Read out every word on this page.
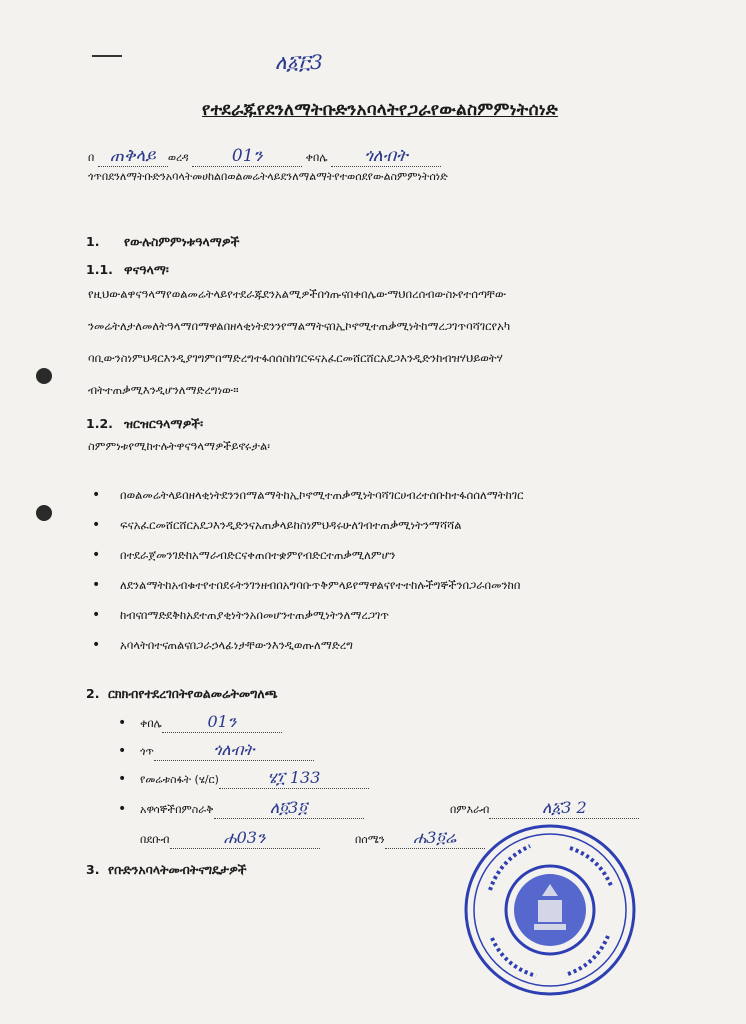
ለ፩፫3
የተደራጁየደንለማትቡድንአባላትየጋራየውልስምምነትሰነድ
በ ጠቅላይ ወረዳ	01ን	ቀበሌ ጎለብት
ጎጥበደንለማትቡድንአባላትመሀከልበወልመሬትላይደንለማልማትየተወሰደየውልስምምነትሰነድ
1. የውሉስምምነቱዓላማዎች
1.1. ዋናዓላማ፡
የዚህውልዋናዓላማየወልመሬትላይየተደራጁደንአልሚዎችበጎጡናበቀበሌውማህበረሰብውስኑየተሰጣቸው
ንመሬትለታለመለትዓላማበማዋልበዘላቂነትደንንየማልማትናበኢኮኖሚተጠቃሚነትከማረጋገጥባሻገርየአካ
ባቢውንስነምህዳርእንዲያገግምበማድረግተፋሰሰስከገርፍናአፈርመሸርሸርአደጋእንዲድንከብዝሃህይወትሃ
ብትተጠቃሚእንዲሆንለማድረግነው።
1.2. ዝርዝርዓላማዎች፡
ስምምነቱየሚከተሉትዋናዓላማዎችይኖሩታል፡
• በወልመሬትላይበዘላቂነትደንንበማልማትከኢኮኖሚተጠቃሚነትባሻገርሀብረተሰቡከተፋሰሰለማትከገር
• ፍናአፈርመሸርሸርአደጋእንዲድንናአጠቃላይከስነምህዳሩሁለገብተጠቃሚነትንማሻሻል
• በተደራጀመንገድከአማራብድርናቀጠበተቋምየብድርተጠቃሚለምሆን
• ለደንልማትከአብቁተየተበደሩትንገንዘብበአግባቡጥቅምላይየማዋልናየተተከሉችግኞችንበጋራበመንከበ
• ከብናበማድደቅከአደተጠያቂነትንአበመሆንተጠቃሚነትንለማረጋገጥ
• አባላትበተናጠልናበጋራኃላፊነታቸውንእንዲወጡለማድረግ
2. ርክክብየተደረገበትየወልመሬትመግለጫ
• ቀበሌ	01ን
• ጎጥ	ጎለብት
• የመሬቱስፋት (ሄ/ር)	ሄ፲ 133
• አዋሳኞችበምስራቅ	ለ፬3፬	በምእራብ	ለ፩3 2
በደቡብ	ሐ03ን	በሰሜን ሐ3፬ሬ
3. የቡድንአባላትመብትናግዴታዎች
